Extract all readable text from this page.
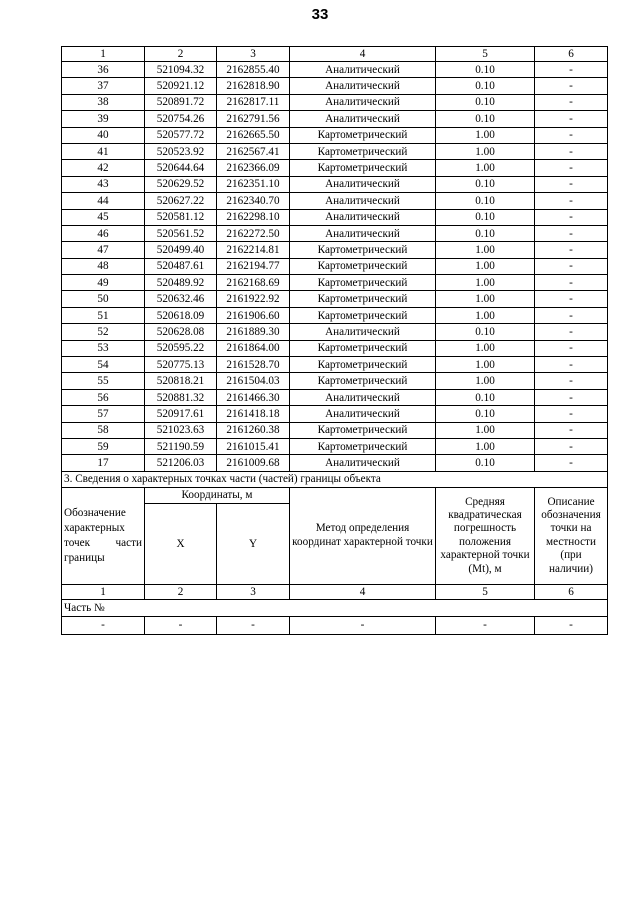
33
1	2	3	4	5	6
36	521094.32	2162855.40	Аналитический	0.10	-
37	520921.12	2162818.90	Аналитический	0.10	-
38	520891.72	2162817.11	Аналитический	0.10	-
39	520754.26	2162791.56	Аналитический	0.10	-
40	520577.72	2162665.50	Картометрический	1.00	-
41	520523.92	2162567.41	Картометрический	1.00	-
42	520644.64	2162366.09	Картометрический	1.00	-
43	520629.52	2162351.10	Аналитический	0.10	-
44	520627.22	2162340.70	Аналитический	0.10	-
45	520581.12	2162298.10	Аналитический	0.10	-
46	520561.52	2162272.50	Аналитический	0.10	-
47	520499.40	2162214.81	Картометрический	1.00	-
48	520487.61	2162194.77	Картометрический	1.00	-
49	520489.92	2162168.69	Картометрический	1.00	-
50	520632.46	2161922.92	Картометрический	1.00	-
51	520618.09	2161906.60	Картометрический	1.00	-
52	520628.08	2161889.30	Аналитический	0.10	-
53	520595.22	2161864.00	Картометрический	1.00	-
54	520775.13	2161528.70	Картометрический	1.00	-
55	520818.21	2161504.03	Картометрический	1.00	-
56	520881.32	2161466.30	Аналитический	0.10	-
57	520917.61	2161418.18	Аналитический	0.10	-
58	521023.63	2161260.38	Картометрический	1.00	-
59	521190.59	2161015.41	Картометрический	1.00	-
17	521206.03	2161009.68	Аналитический	0.10	-
3. Сведения о характерных точках части (частей) границы объекта					
Обозначение характерных точек части границы	Координаты, м		Метод определения координат характерной точки	Средняя квадратическая погрешность положения характерной точки (Mt), м	Описание обозначения точки на местности (при наличии)
	X	Y			
1	2	3	4	5	6
Часть №					
-	-	-	-	-	-
